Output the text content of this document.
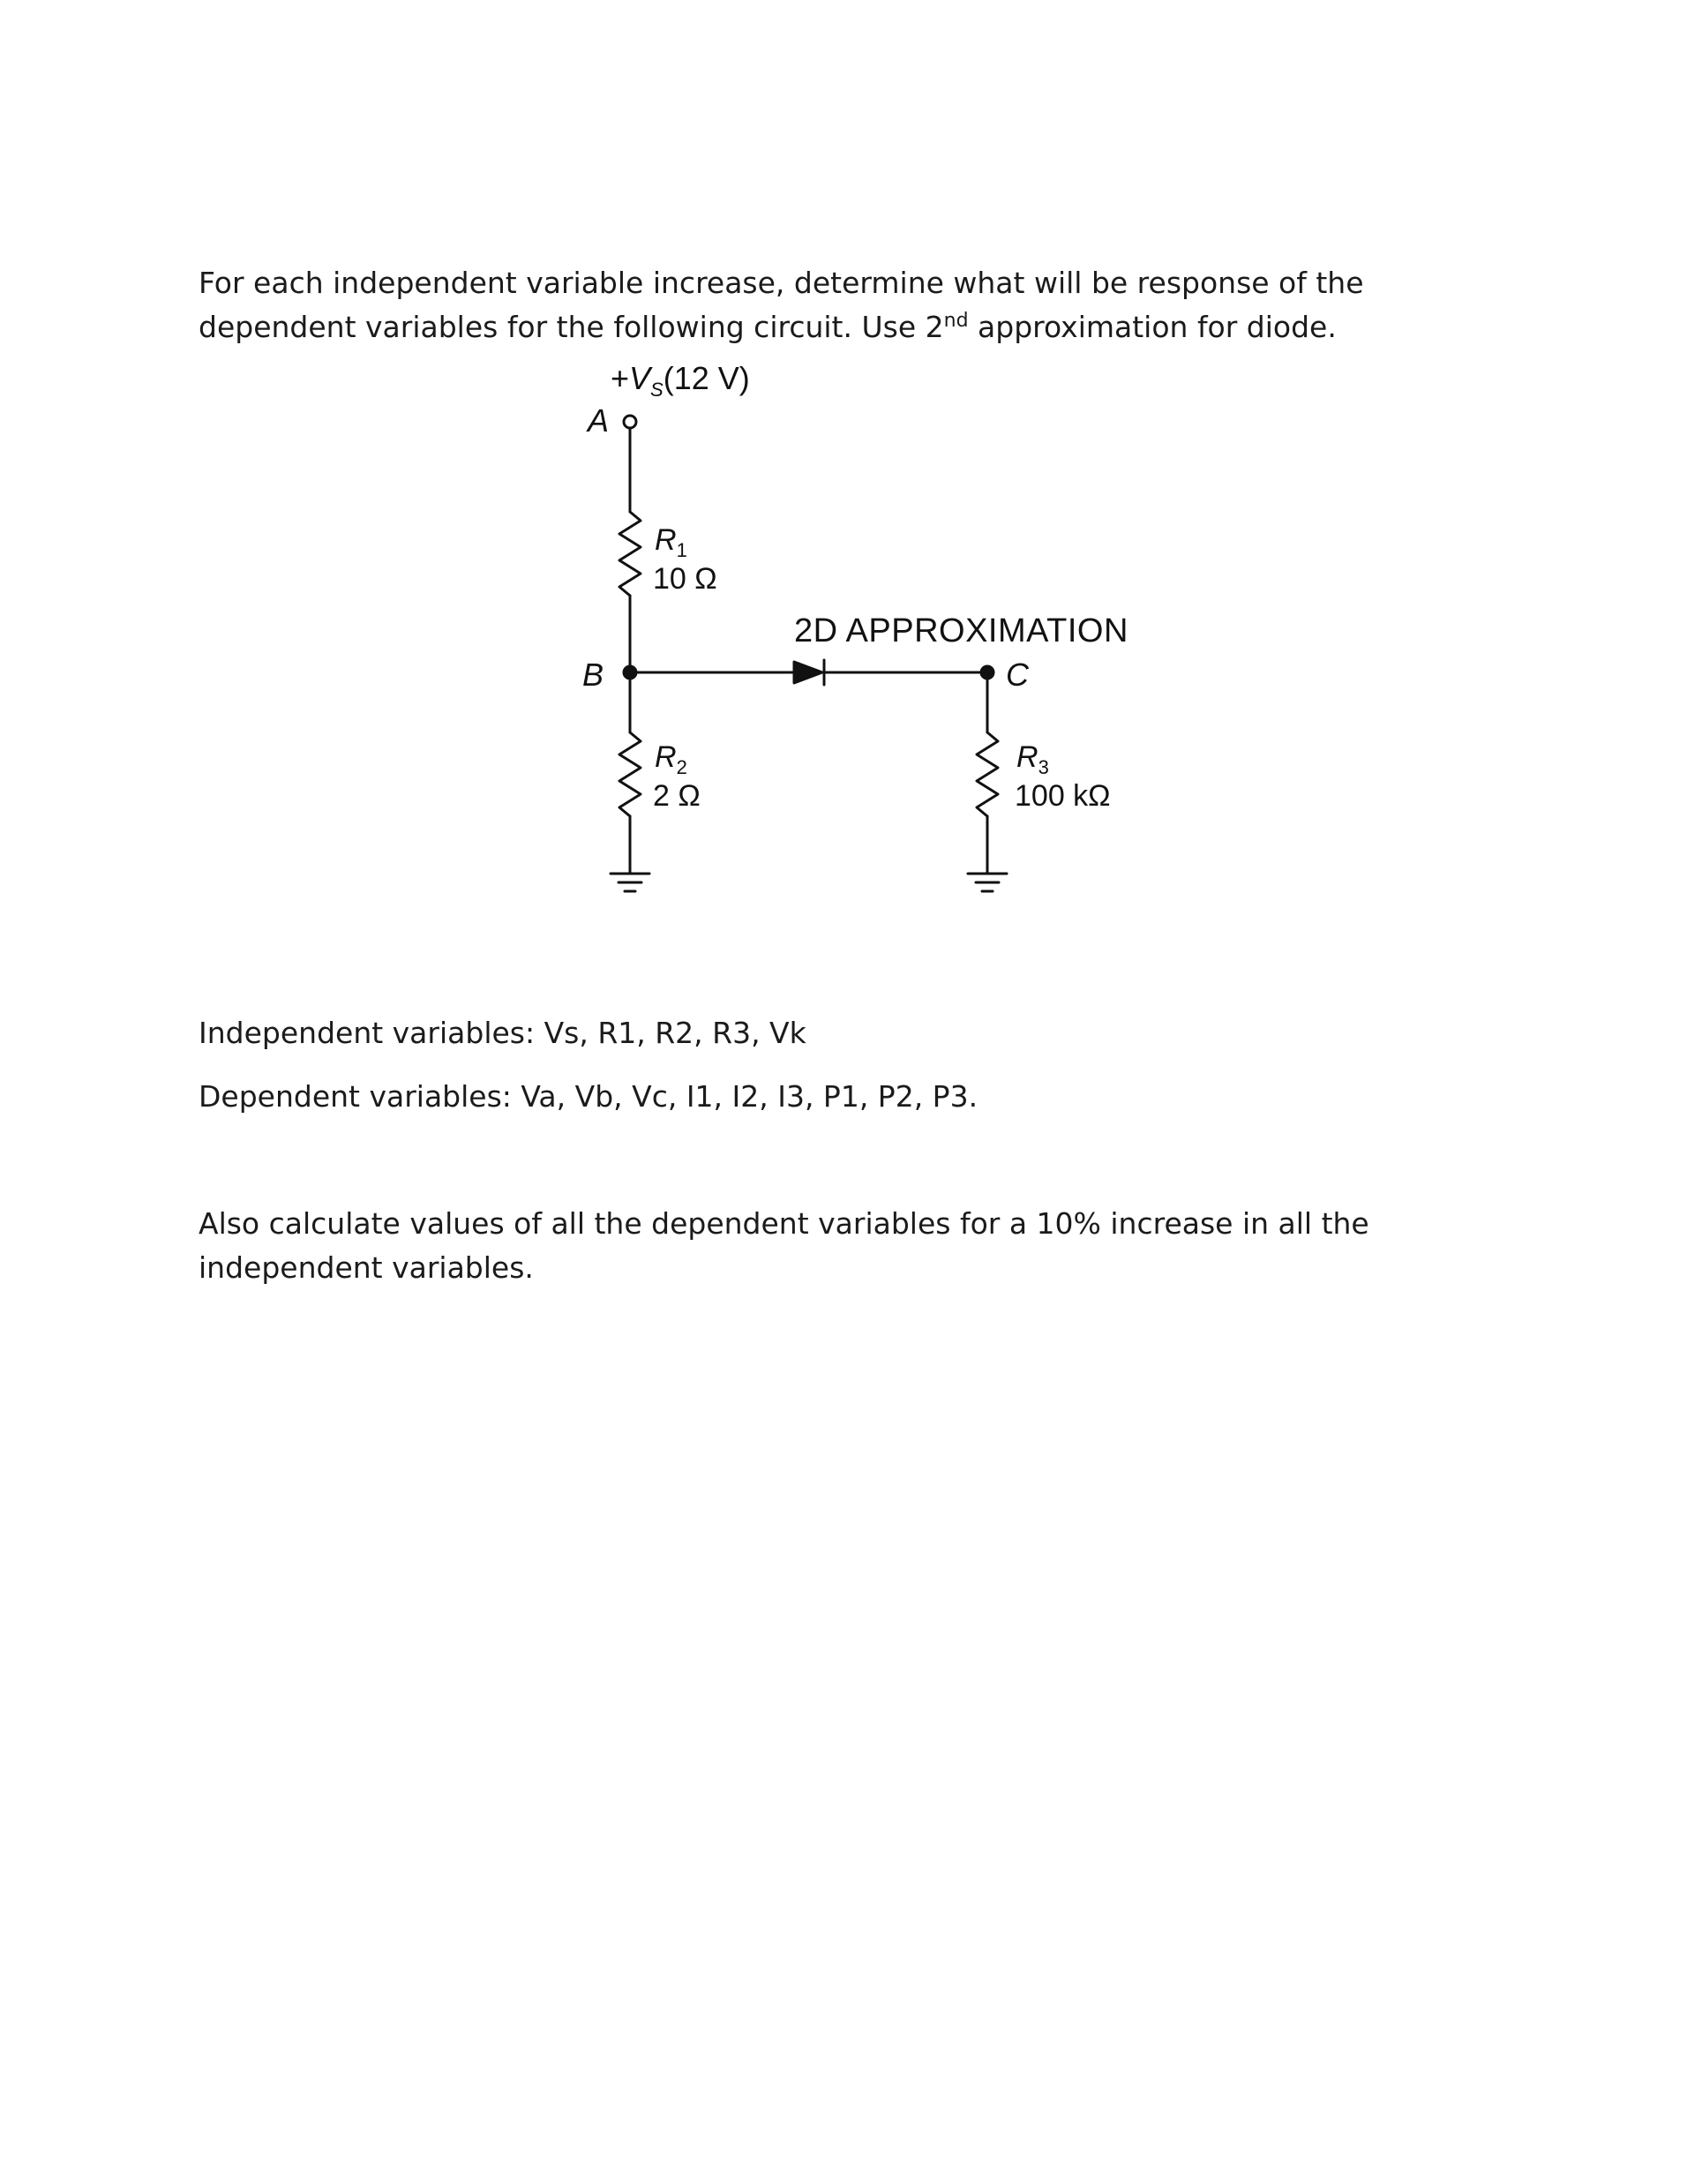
For each independent variable increase, determine what will be response of the dependent variables for the following circuit. Use 2nd approximation for diode.

$+V_S(12$ V)
A
$R_1$
10 Ω
B
2D APPROXIMATION
C
$R_2$
2 Ω
$R_3$
100 kΩ

Independent variables: Vs, R1, R2, R3, Vk

Dependent variables: Va, Vb, Vc, I1, I2, I3, P1, P2, P3.

Also calculate values of all the dependent variables for a 10% increase in all the independent variables.
